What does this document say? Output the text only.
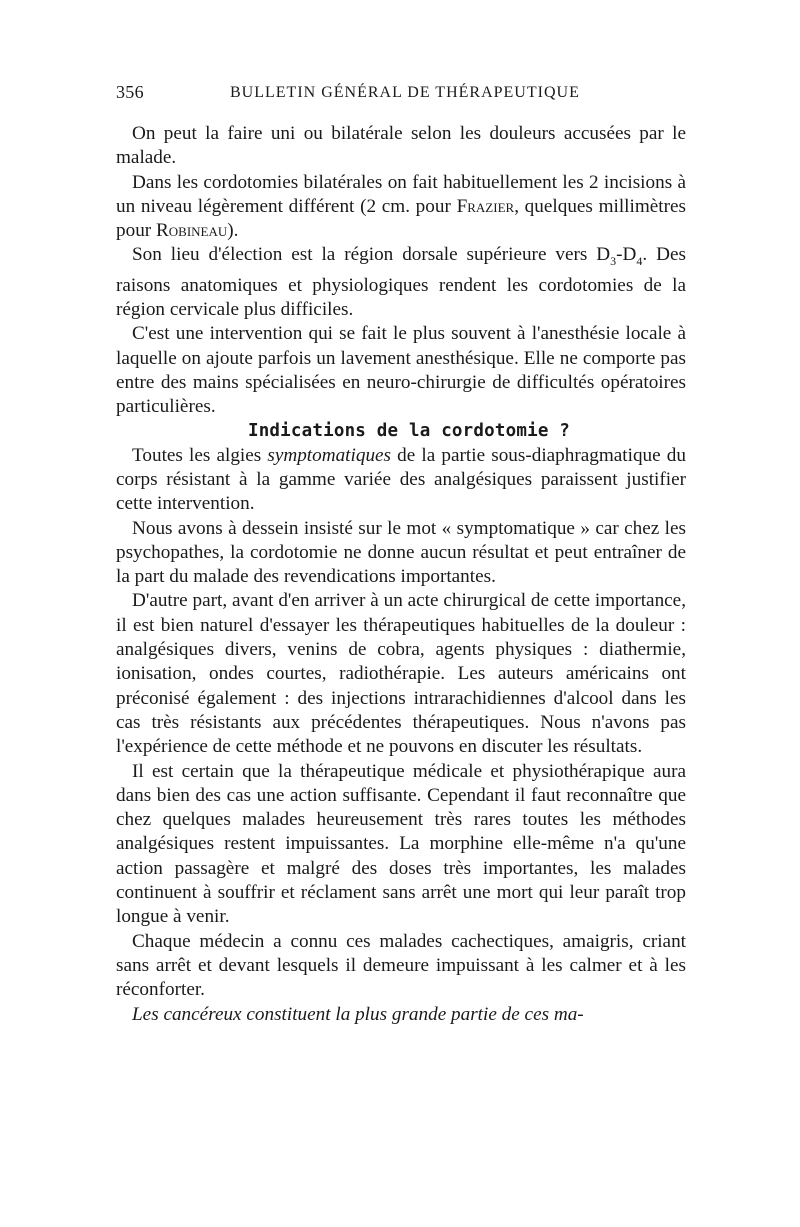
356	BULLETIN GÉNÉRAL DE THÉRAPEUTIQUE

On peut la faire uni ou bilatérale selon les douleurs accusées par le malade.

Dans les cordotomies bilatérales on fait habituellement les 2 incisions à un niveau légèrement différent (2 cm. pour Frazier, quelques millimètres pour Robineau).

Son lieu d'élection est la région dorsale supérieure vers $D_3-D_4$. Des raisons anatomiques et physiologiques rendent les cordotomies de la région cervicale plus difficiles.

C'est une intervention qui se fait le plus souvent à l'anesthésie locale à laquelle on ajoute parfois un lavement anesthésique. Elle ne comporte pas entre des mains spécialisées en neuro-chirurgie de difficultés opératoires particulières.

Indications de la cordotomie ?

Toutes les algies symptomatiques de la partie sous-diaphragmatique du corps résistant à la gamme variée des analgésiques paraissent justifier cette intervention.

Nous avons à dessein insisté sur le mot « symptomatique » car chez les psychopathes, la cordotomie ne donne aucun résultat et peut entraîner de la part du malade des revendications importantes.

D'autre part, avant d'en arriver à un acte chirurgical de cette importance, il est bien naturel d'essayer les thérapeutiques habituelles de la douleur : analgésiques divers, venins de cobra, agents physiques : diathermie, ionisation, ondes courtes, radiothérapie. Les auteurs américains ont préconisé également : des injections intrarachidiennes d'alcool dans les cas très résistants aux précédentes thérapeutiques. Nous n'avons pas l'expérience de cette méthode et ne pouvons en discuter les résultats.

Il est certain que la thérapeutique médicale et physiothérapique aura dans bien des cas une action suffisante. Cependant il faut reconnaître que chez quelques malades heureusement très rares toutes les méthodes analgésiques restent impuissantes. La morphine elle-même n'a qu'une action passagère et malgré des doses très importantes, les malades continuent à souffrir et réclament sans arrêt une mort qui leur paraît trop longue à venir.

Chaque médecin a connu ces malades cachectiques, amaigris, criant sans arrêt et devant lesquels il demeure impuissant à les calmer et à les réconforter.

Les cancéreux constituent la plus grande partie de ces ma-
